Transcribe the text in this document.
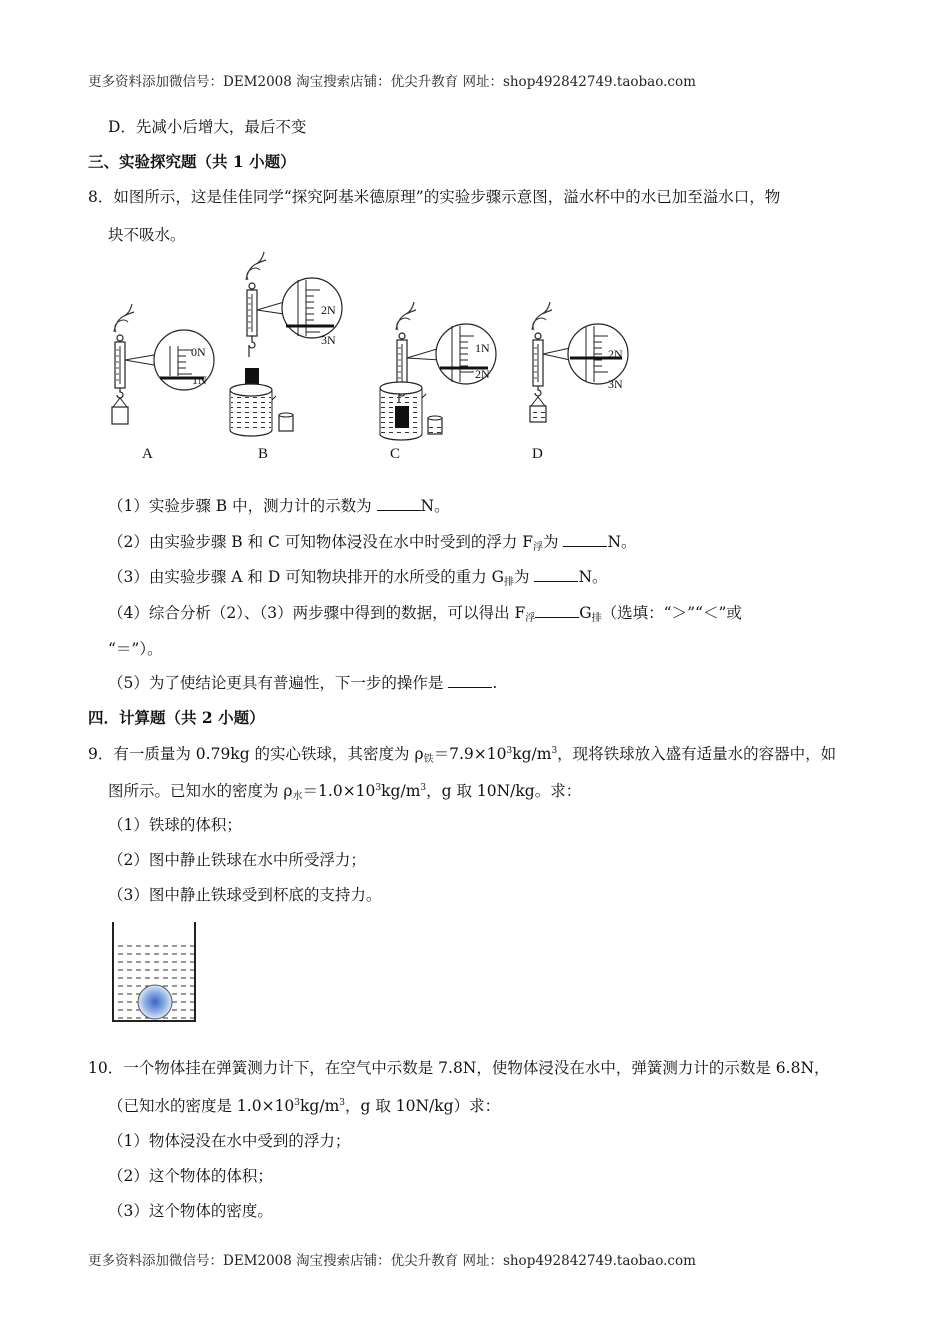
更多资料添加微信号：DEM2008 淘宝搜索店铺：优尖升教育 网址：shop492842749.taobao.com
D．先减小后增大，最后不变
三、实验探究题（共 1 小题）
8．如图所示，这是佳佳同学“探究阿基米德原理”的实验步骤示意图，溢水杯中的水已加至溢水口，物
块不吸水。
0N
1N
A
2N
3N
B
1N
2N
C
2N
3N
D
（1）实验步骤 B 中，测力计的示数为	N。
（2）由实验步骤 B 和 C 可知物体浸没在水中时受到的浮力 F浮为	N。
（3）由实验步骤 A 和 D 可知物块排开的水所受的重力 G排为	N。
（4）综合分析（2）、（3）两步骤中得到的数据，可以得出 F浮	G排（选填：“＞”“＜”或
“＝”）。
（5）为了使结论更具有普遍性，下一步的操作是	.
四．计算题（共 2 小题）
9．有一质量为 0.79kg 的实心铁球，其密度为 ρ铁$=7.9\times 10^3kg/m^3$，现将铁球放入盛有适量水的容器中，如
图所示。已知水的密度为 ρ水$=1.0\times 10^3kg/m^3$，g 取 10N/kg。求：
（1）铁球的体积；
（2）图中静止铁球在水中所受浮力；
（3）图中静止铁球受到杯底的支持力。
10．一个物体挂在弹簧测力计下，在空气中示数是 7.8N，使物体浸没在水中，弹簧测力计的示数是 6.8N，
（已知水的密度是 $1.0\times 10^3kg/m^3$，g 取 10N/kg）求：
（1）物体浸没在水中受到的浮力；
（2）这个物体的体积；
（3）这个物体的密度。
更多资料添加微信号：DEM2008 淘宝搜索店铺：优尖升教育 网址：shop492842749.taobao.com
